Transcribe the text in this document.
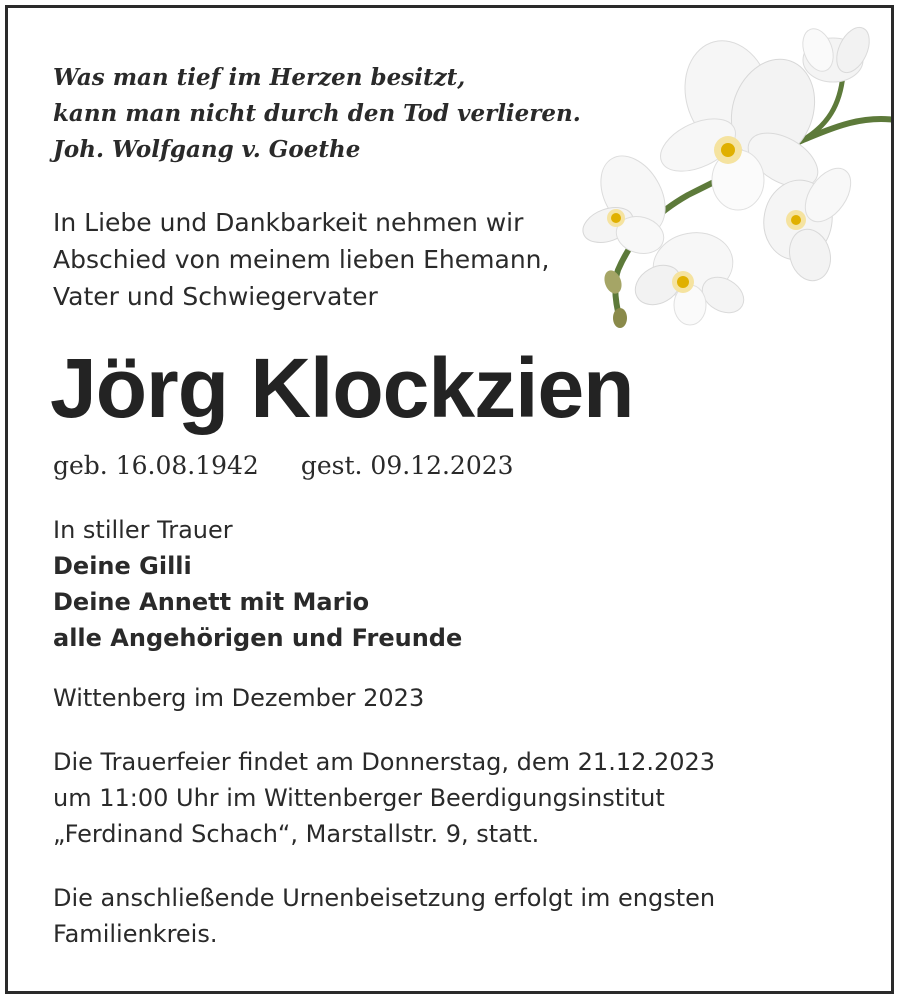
Was man tief im Herzen besitzt,
kann man nicht durch den Tod verlieren.
Joh. Wolfgang v. Goethe
In Liebe und Dankbarkeit nehmen wir
Abschied von meinem lieben Ehemann,
Vater und Schwiegervater
Jörg Klockzien
geb. 16.08.1942 gest. 09.12.2023
In stiller Trauer
Deine Gilli
Deine Annett mit Mario
alle Angehörigen und Freunde
Wittenberg im Dezember 2023
Die Trauerfeier findet am Donnerstag, dem 21.12.2023
um 11:00 Uhr im Wittenberger Beerdigungsinstitut
„Ferdinand Schach“, Marstallstr. 9, statt.
Die anschließende Urnenbeisetzung erfolgt im engsten
Familienkreis.
